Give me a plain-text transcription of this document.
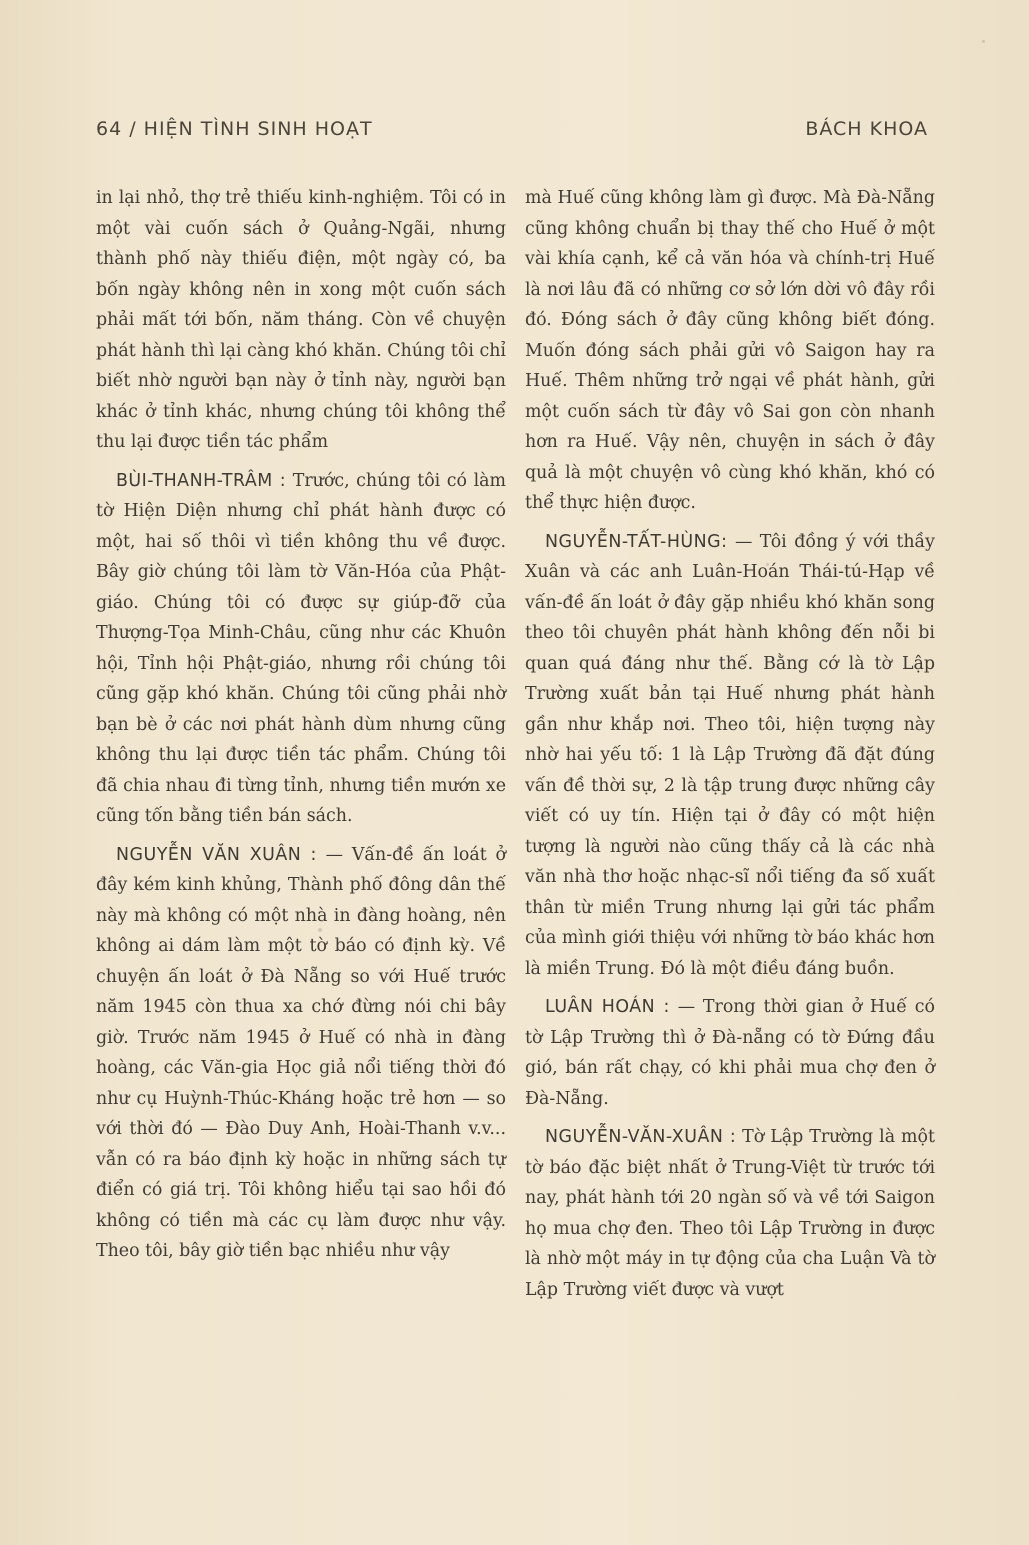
64 / HIỆN TÌNH SINH HOẠT	BÁCH KHOA

in lại nhỏ, thợ trẻ thiếu kinh-nghiệm. Tôi có in một vài cuốn sách ở Quảng-Ngãi, nhưng thành phố này thiếu điện, một ngày có, ba bốn ngày không nên in xong một cuốn sách phải mất tới bốn, năm tháng. Còn về chuyện phát hành thì lại càng khó khăn. Chúng tôi chỉ biết nhờ người bạn này ở tỉnh này, người bạn khác ở tỉnh khác, nhưng chúng tôi không thể thu lại được tiền tác phẩm

BÙI-THANH-TRÂM : Trước, chúng tôi có làm tờ Hiện Diện nhưng chỉ phát hành được có một, hai số thôi vì tiền không thu về được. Bây giờ chúng tôi làm tờ Văn-Hóa của Phật-giáo. Chúng tôi có được sự giúp-đỡ của Thượng-Tọa Minh-Châu, cũng như các Khuôn hội, Tỉnh hội Phật-giáo, nhưng rồi chúng tôi cũng gặp khó khăn. Chúng tôi cũng phải nhờ bạn bè ở các nơi phát hành dùm nhưng cũng không thu lại được tiền tác phẩm. Chúng tôi đã chia nhau đi từng tỉnh, nhưng tiền mướn xe cũng tốn bằng tiền bán sách.

NGUYỄN VĂN XUÂN : — Vấn-đề ấn loát ở đây kém kinh khủng, Thành phố đông dân thế này mà không có một nhà in đàng hoàng, nên không ai dám làm một tờ báo có định kỳ. Về chuyện ấn loát ở Đà Nẵng so với Huế trước năm 1945 còn thua xa chớ đừng nói chi bây giờ. Trước năm 1945 ở Huế có nhà in đàng hoàng, các Văn-gia Học giả nổi tiếng thời đó như cụ Huỳnh-Thúc-Kháng hoặc trẻ hơn — so với thời đó — Đào Duy Anh, Hoài-Thanh v.v... vẫn có ra báo định kỳ hoặc in những sách tự điển có giá trị. Tôi không hiểu tại sao hồi đó không có tiền mà các cụ làm được như vậy. Theo tôi, bây giờ tiền bạc nhiều như vậy

mà Huế cũng không làm gì được. Mà Đà-Nẵng cũng không chuẩn bị thay thế cho Huế ở một vài khía cạnh, kể cả văn hóa và chính-trị Huế là nơi lâu đã có những cơ sở lớn dời vô đây rồi đó. Đóng sách ở đây cũng không biết đóng. Muốn đóng sách phải gửi vô Saigon hay ra Huế. Thêm những trở ngại về phát hành, gửi một cuốn sách từ đây vô Sai gon còn nhanh hơn ra Huế. Vậy nên, chuyện in sách ở đây quả là một chuyện vô cùng khó khăn, khó có thể thực hiện được.

NGUYỄN-TẤT-HÙNG: — Tôi đồng ý với thầy Xuân và các anh Luân-Hoán Thái-tú-Hạp về vấn-đề ấn loát ở đây gặp nhiều khó khăn song theo tôi chuyên phát hành không đến nỗi bi quan quá đáng như thế. Bằng cớ là tờ Lập Trường xuất bản tại Huế nhưng phát hành gần như khắp nơi. Theo tôi, hiện tượng này nhờ hai yếu tố: 1 là Lập Trường đã đặt đúng vấn đề thời sự, 2 là tập trung được những cây viết có uy tín. Hiện tại ở đây có một hiện tượng là người nào cũng thấy cả là các nhà văn nhà thơ hoặc nhạc-sĩ nổi tiếng đa số xuất thân từ miền Trung nhưng lại gửi tác phẩm của mình giới thiệu với những tờ báo khác hơn là miền Trung. Đó là một điều đáng buồn.

LUÂN HOÁN : — Trong thời gian ở Huế có tờ Lập Trường thì ở Đà-nẵng có tờ Đứng đầu gió, bán rất chạy, có khi phải mua chợ đen ở Đà-Nẵng.

NGUYỄN-VĂN-XUÂN : Tờ Lập Trường là một tờ báo đặc biệt nhất ở Trung-Việt từ trước tới nay, phát hành tới 20 ngàn số và về tới Saigon họ mua chợ đen. Theo tôi Lập Trường in được là nhờ một máy in tự động của cha Luận Và tờ Lập Trường viết được và vượt
